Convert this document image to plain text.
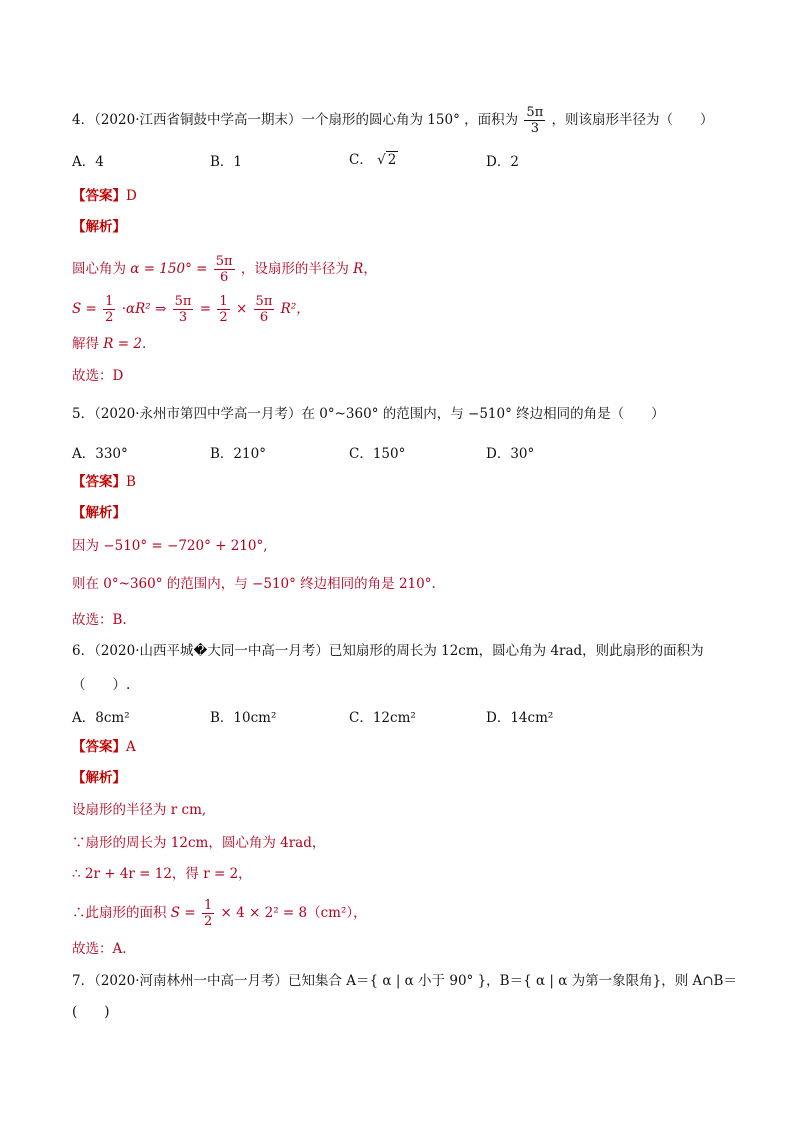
4．（2020·江西省铜鼓中学高一期末）一个扇形的圆心角为 150° ，面积为 $\frac{5\pi}{3}$ ，则该扇形半径为（　　）
A．4	B．1	C． √ 2	D．2
【答案】D
【解析】
圆心角为 $\alpha = 150^\circ = \frac{5\pi}{6}$ ，设扇形的半径为 R，
$S = \frac{1}{2} \cdot\alpha R^2$ ⇒ $\frac{5\pi}{3} = \frac{1}{2} \times \frac{5\pi}{6} R^2$，
解得 R = 2.
故选：D
5．（2020·永州市第四中学高一月考）在 0°~360° 的范围内，与 −510° 终边相同的角是（　　）
A．330°	B．210°	C．150°	D．30°
【答案】B
【解析】
因为 −510° = −720° + 210°,
则在 0°~360° 的范围内，与 −510° 终边相同的角是 210°.
故选：B.
6．（2020·山西平城�大同一中高一月考）已知扇形的周长为 12cm，圆心角为 4rad，则此扇形的面积为
（　　）.
A．8cm²	B．10cm²	C．12cm²	D．14cm²
【答案】A
【解析】
设扇形的半径为 r cm,
∵扇形的周长为 12cm，圆心角为 4rad，
∴ 2r + 4r = 12，得 r = 2，
∴此扇形的面积 $S = \frac{1}{2} \times 4 \times 2^2 = 8(cm^2)$，
故选：A.
7．（2020·河南林州一中高一月考）已知集合 A＝{ α | α 小于 90° }，B＝{ α | α 为第一象限角}，则 A∩B＝
(　　)
